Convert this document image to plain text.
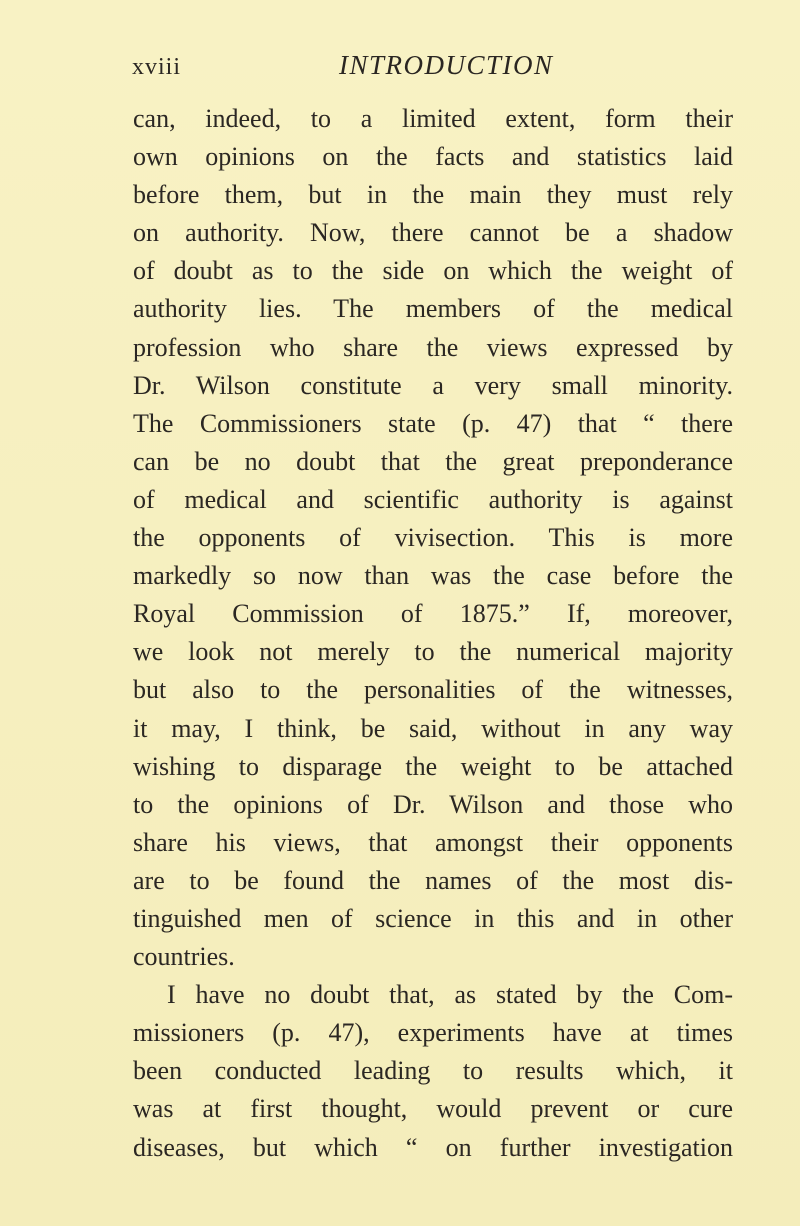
xviii	INTRODUCTION
can, indeed, to a limited extent, form their
own opinions on the facts and statistics laid
before them, but in the main they must rely
on authority. Now, there cannot be a shadow
of doubt as to the side on which the weight of
authority lies. The members of the medical
profession who share the views expressed by
Dr. Wilson constitute a very small minority.
The Commissioners state (p. 47) that “ there
can be no doubt that the great preponderance
of medical and scientific authority is against
the opponents of vivisection. This is more
markedly so now than was the case before the
Royal Commission of 1875.” If, moreover,
we look not merely to the numerical majority
but also to the personalities of the witnesses,
it may, I think, be said, without in any way
wishing to disparage the weight to be attached
to the opinions of Dr. Wilson and those who
share his views, that amongst their opponents
are to be found the names of the most dis-
tinguished men of science in this and in other
countries.
I have no doubt that, as stated by the Com-
missioners (p. 47), experiments have at times
been conducted leading to results which, it
was at first thought, would prevent or cure
diseases, but which “ on further investigation
